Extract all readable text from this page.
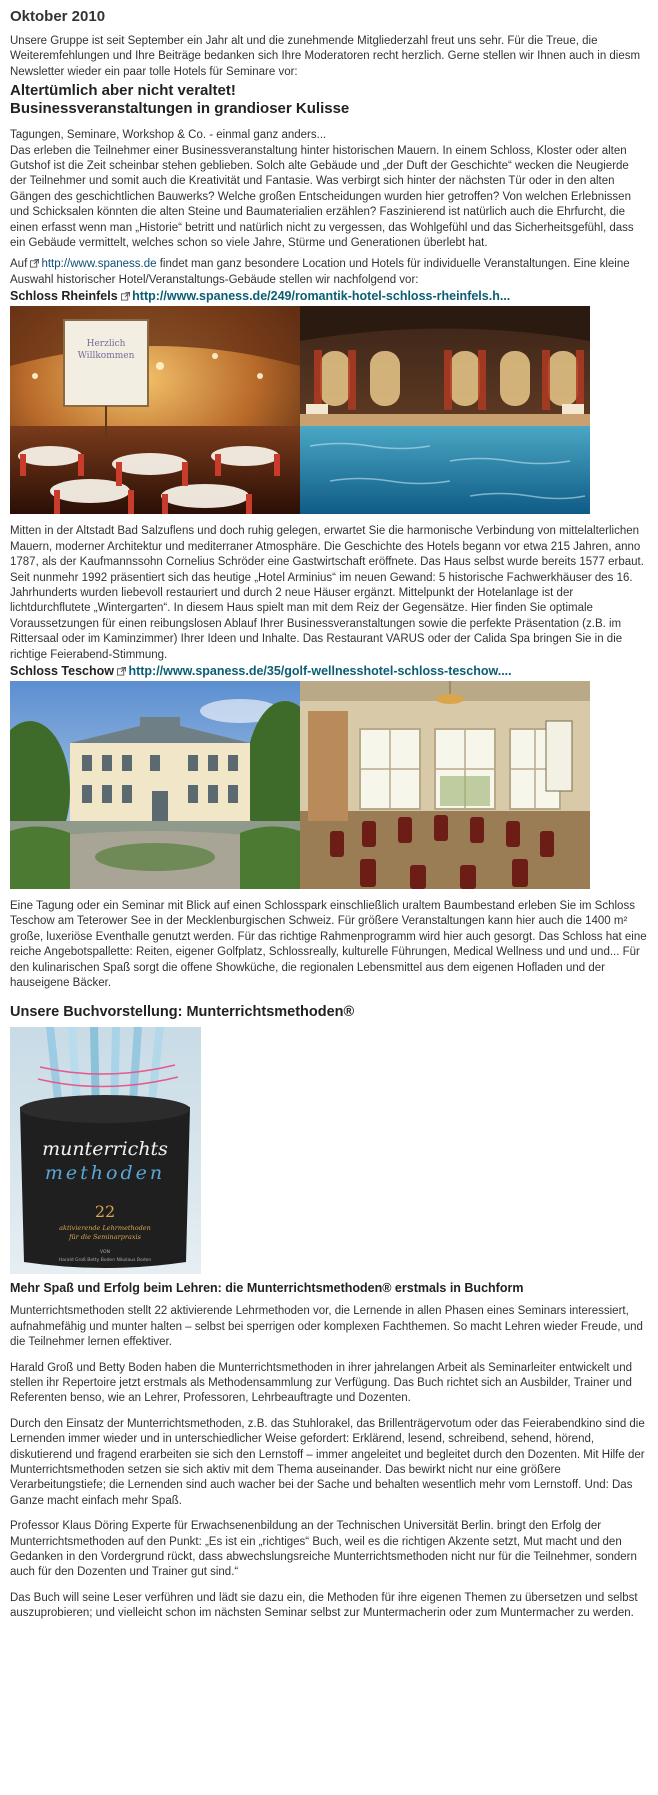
Oktober 2010

Unsere Gruppe ist seit September ein Jahr alt und die zunehmende Mitgliederzahl freut uns sehr. Für die Treue, die Weiteremfehlungen und Ihre Beiträge bedanken sich Ihre Moderatoren recht herzlich. Gerne stellen wir Ihnen auch in diesm Newsletter wieder ein paar tolle Hotels für Seminare vor:

Altertümlich aber nicht veraltet!
Businessveranstaltungen in grandioser Kulisse

Tagungen, Seminare, Workshop & Co. - einmal ganz anders...

Das erleben die Teilnehmer einer Businessveranstaltung hinter historischen Mauern. In einem Schloss, Kloster oder alten Gutshof ist die Zeit scheinbar stehen geblieben. Solch alte Gebäude und „der Duft der Geschichte“ wecken die Neugierde der Teilnehmer und somit auch die Kreativität und Fantasie. Was verbirgt sich hinter der nächsten Tür oder in den alten Gängen des geschichtlichen Bauwerks? Welche großen Entscheidungen wurden hier getroffen? Von welchen Erlebnissen und Schicksalen könnten die alten Steine und Baumaterialien erzählen? Faszinierend ist natürlich auch die Ehrfurcht, die einen erfasst wenn man „Historie“ betritt und natürlich nicht zu vergessen, das Wohlgefühl und das Sicherheitsgefühl, dass ein Gebäude vermittelt, welches schon so viele Jahre, Stürme und Generationen überlebt hat.

Auf http://www.spaness.de findet man ganz besondere Location und Hotels für individuelle Veranstaltungen. Eine kleine Auswahl historischer Hotel/Veranstaltungs-Gebäude stellen wir nachfolgend vor:

Schloss Rheinfels http://www.spaness.de/249/romantik-hotel-schloss-rheinfels.h...
Herzlich
Willkommen

Mitten in der Altstadt Bad Salzuflens und doch ruhig gelegen, erwartet Sie die harmonische Verbindung von mittelalterlichen Mauern, moderner Architektur und mediterraner Atmosphäre. Die Geschichte des Hotels begann vor etwa 215 Jahren, anno 1787, als der Kaufmannssohn Cornelius Schröder eine Gastwirtschaft eröffnete. Das Haus selbst wurde bereits 1577 erbaut. Seit nunmehr 1992 präsentiert sich das heutige „Hotel Arminius“ im neuen Gewand: 5 historische Fachwerkhäuser des 16. Jahrhunderts wurden liebevoll restauriert und durch 2 neue Häuser ergänzt. Mittelpunkt der Hotelanlage ist der lichtdurchflutete „Wintergarten“. In diesem Haus spielt man mit dem Reiz der Gegensätze. Hier finden Sie optimale Voraussetzungen für einen reibungslosen Ablauf Ihrer Businessveranstaltungen sowie die perfekte Präsentation (z.B. im Rittersaal oder im Kaminzimmer) Ihrer Ideen und Inhalte. Das Restaurant VARUS oder der Calida Spa bringen Sie in die richtige Feierabend-Stimmung.

Schloss Teschow http://www.spaness.de/35/golf-wellnesshotel-schloss-teschow....

Eine Tagung oder ein Seminar mit Blick auf einen Schlosspark einschließlich uraltem Baumbestand erleben Sie im Schloss Teschow am Teterower See in der Mecklenburgischen Schweiz. Für größere Veranstaltungen kann hier auch die 1400 m² große, luxeriöse Eventhalle genutzt werden. Für das richtige Rahmenprogramm wird hier auch gesorgt. Das Schloss hat eine reiche Angebotspallette: Reiten, eigener Golfplatz, Schlossreally, kulturelle Führungen, Medical Wellness und und und... Für den kulinarischen Spaß sorgt die offene Showküche, die regionalen Lebensmittel aus dem eigenen Hofladen und der hauseigene Bäcker.

Unsere Buchvorstellung: Munterrichtsmethoden®
munterrichts
methoden
22
aktivierende Lehrmethoden
für die Seminarpraxis
VON
Harald Groß Betty Boden Nikolaus Boden
Mehr Spaß und Erfolg beim Lehren: die Munterrichtsmethoden® erstmals in Buchform

Munterrichtsmethoden stellt 22 aktivierende Lehrmethoden vor, die Lernende in allen Phasen eines Seminars interessiert, aufnahmefähig und munter halten – selbst bei sperrigen oder komplexen Fachthemen. So macht Lehren wieder Freude, und die Teilnehmer lernen effektiver.

Harald Groß und Betty Boden haben die Munterrichtsmethoden in ihrer jahrelangen Arbeit als Seminarleiter entwickelt und stellen ihr Repertoire jetzt erstmals als Methodensammlung zur Verfügung. Das Buch richtet sich an Ausbilder, Trainer und Referenten benso, wie an Lehrer, Professoren, Lehrbeauftragte und Dozenten.

Durch den Einsatz der Munterrichtsmethoden, z.B. das Stuhlorakel, das Brillenträgervotum oder das Feierabendkino sind die Lernenden immer wieder und in unterschiedlicher Weise gefordert: Erklärend, lesend, schreibend, sehend, hörend, diskutierend und fragend erarbeiten sie sich den Lernstoff – immer angeleitet und begleitet durch den Dozenten. Mit Hilfe der Munterrichtsmethoden setzen sie sich aktiv mit dem Thema auseinander. Das bewirkt nicht nur eine größere Verarbeitungstiefe; die Lernenden sind auch wacher bei der Sache und behalten wesentlich mehr vom Lernstoff. Und: Das Ganze macht einfach mehr Spaß.

Professor Klaus Döring Experte für Erwachsenenbildung an der Technischen Universität Berlin. bringt den Erfolg der Munterrichtsmethoden auf den Punkt: „Es ist ein „richtiges“ Buch, weil es die richtigen Akzente setzt, Mut macht und den Gedanken in den Vordergrund rückt, dass abwechslungsreiche Munterrichtsmethoden nicht nur für die Teilnehmer, sondern auch für den Dozenten und Trainer gut sind.“

Das Buch will seine Leser verführen und lädt sie dazu ein, die Methoden für ihre eigenen Themen zu übersetzen und selbst auszuprobieren; und vielleicht schon im nächsten Seminar selbst zur Muntermacherin oder zum Muntermacher zu werden.
